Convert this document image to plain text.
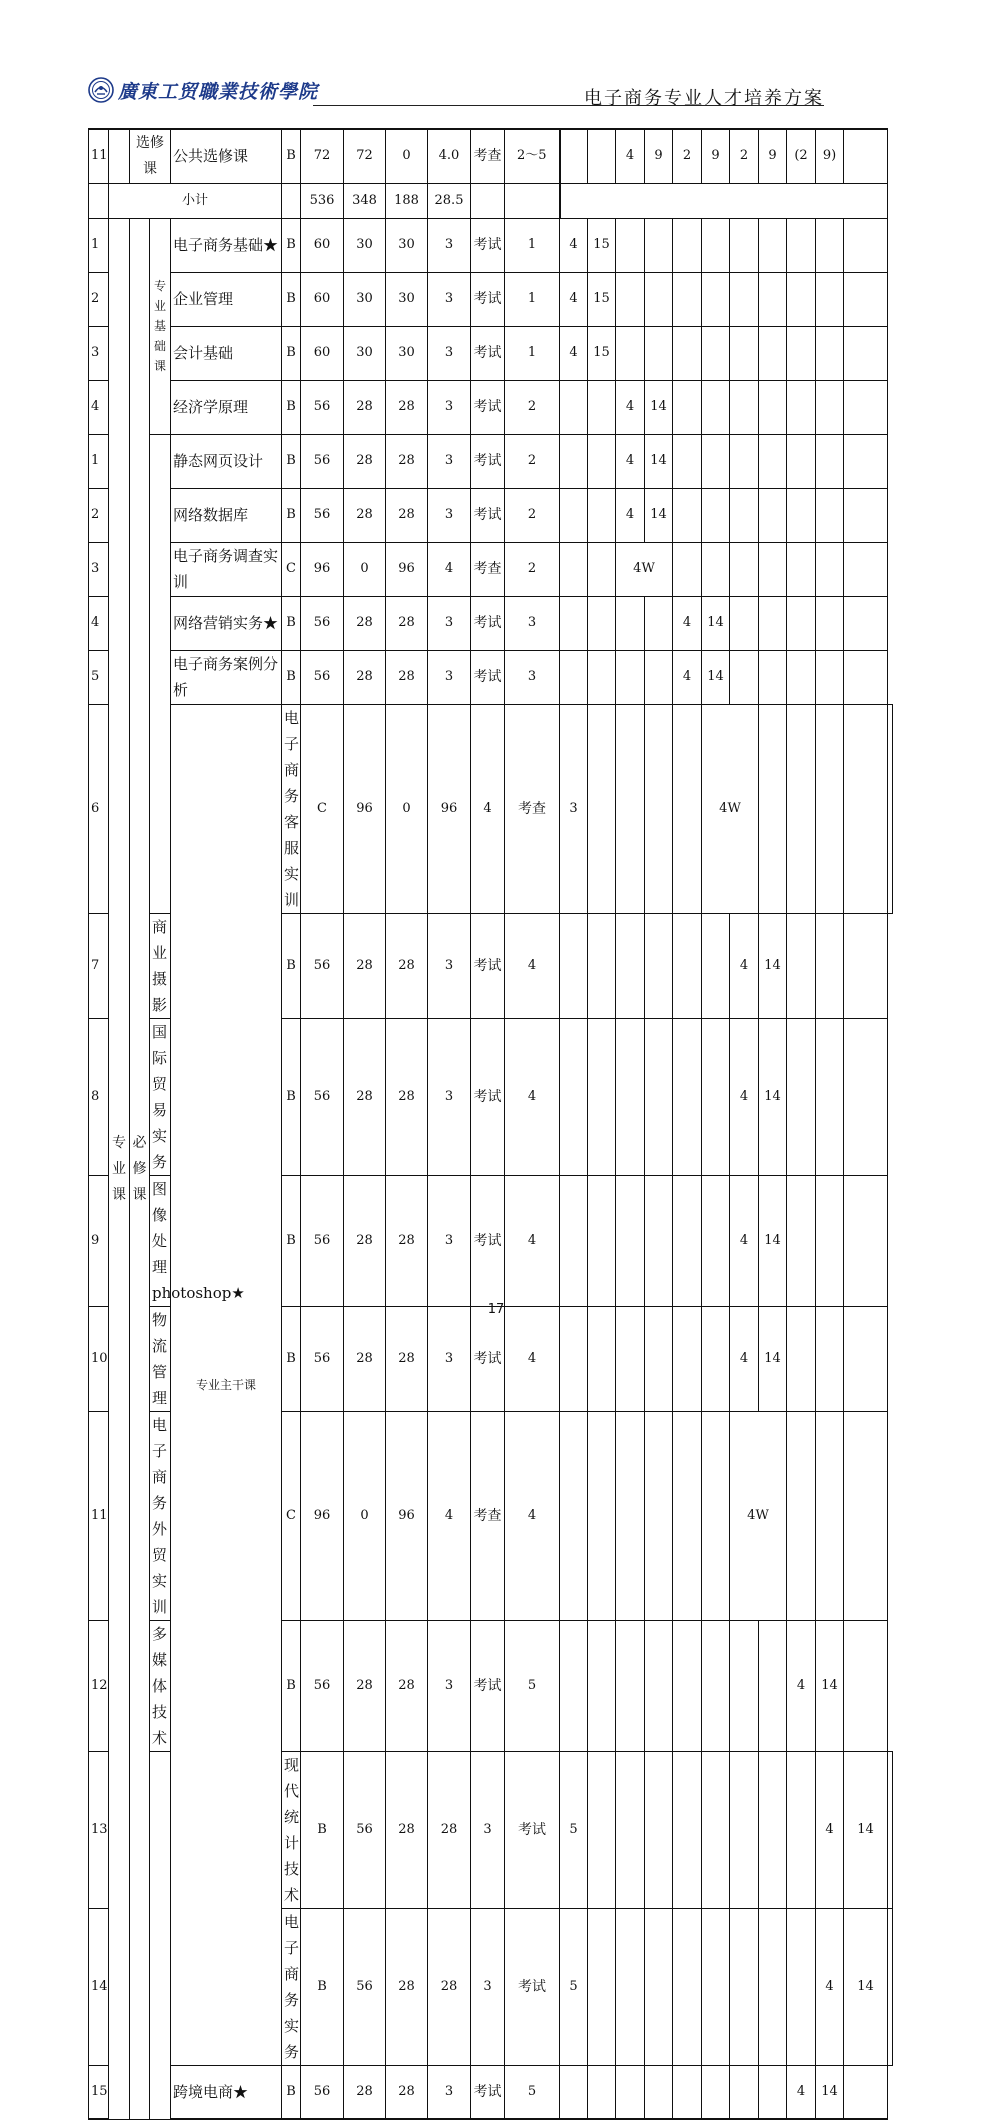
廣東工贸職業技術學院	电子商务专业人才培养方案
11		选修课		公共选修课	B	72	72	0	4.0	考查	2～5			4	9	2	9	2	9	(2	9)		
	小计					536	348	188	28.5														
1	专业课	必修课	专业基础课	电子商务基础★	B	60	30	30	3	考试	1	4	15										
2				企业管理	B	60	30	30	3	考试	1	4	15										
3				会计基础	B	60	30	30	3	考试	1	4	15										
4				经济学原理	B	56	28	28	3	考试	2			4	14								
1				静态网页设计	B	56	28	28	3	考试	2			4	14								
2				网络数据库	B	56	28	28	3	考试	2			4	14								
3				电子商务调查实训	C	96	0	96	4	考查	2			4W									
4				网络营销实务★	B	56	28	28	3	考试	3					4	14						
5				电子商务案例分析	B	56	28	28	3	考试	3					4	14						
6				专业主干课	电子商务客服实训	C	96	0	96	4	考查	3					4W						
7			商业摄影		B	56	28	28	3	考试	4							4	14				
8			国际贸易实务		B	56	28	28	3	考试	4							4	14				
9			图像处理photoshop★		B	56	28	28	3	考试	4							4	14				
10			物流管理		B	56	28	28	3	考试	4							4	14				
11			电子商务外贸实训		C	96	0	96	4	考查	4							4W					
12			多媒体技术		B	56	28	28	3	考试	5									4	14		
13					现代统计技术	B	56	28	28	3	考试	5									4	14	
14					电子商务实务	B	56	28	28	3	考试	5									4	14	
15				跨境电商★	B	56	28	28	3	考试	5									4	14		
17
